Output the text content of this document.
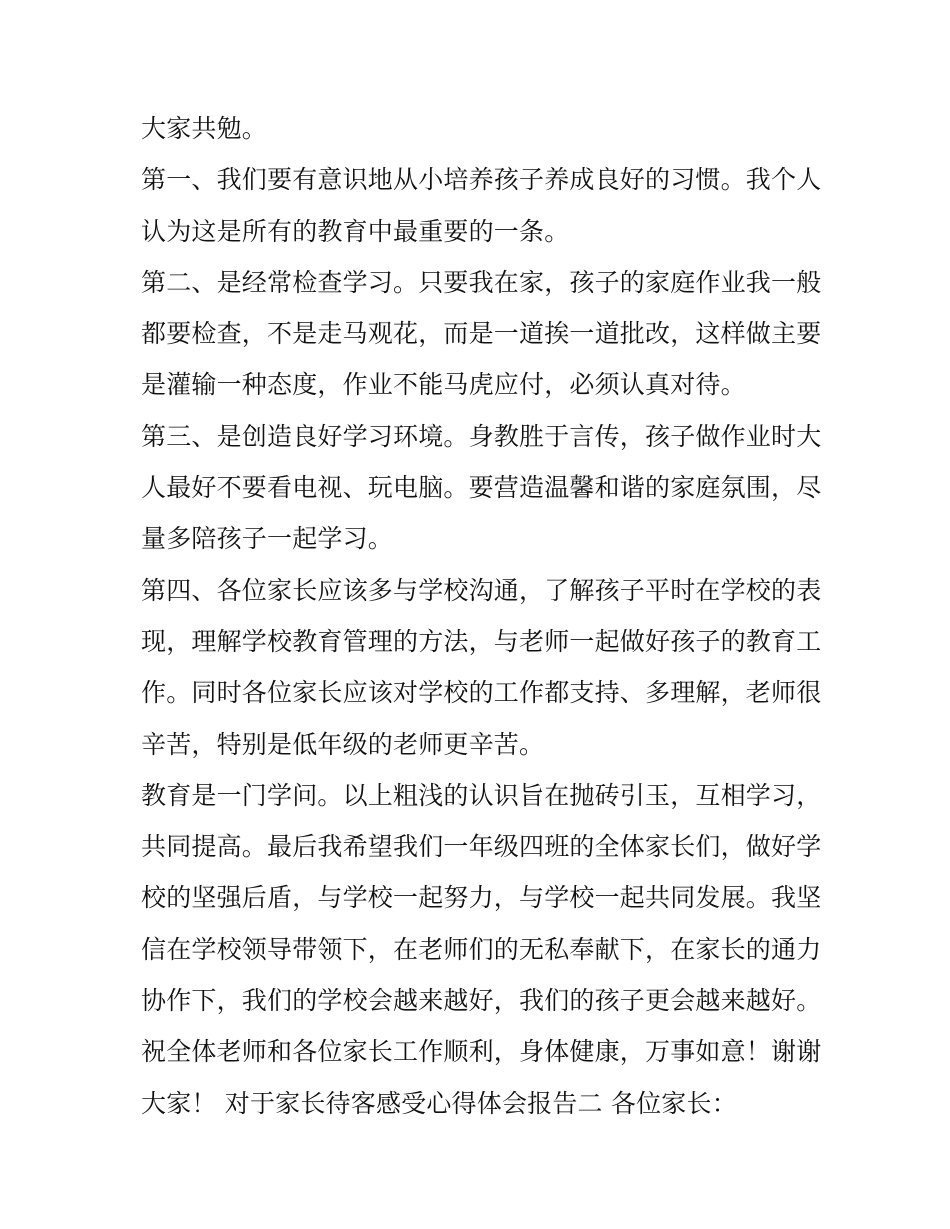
大家共勉。
第一、我们要有意识地从小培养孩子养成良好的习惯。我个人
认为这是所有的教育中最重要的一条。
第二、是经常检查学习。只要我在家，孩子的家庭作业我一般
都要检查，不是走马观花，而是一道挨一道批改，这样做主要
是灌输一种态度，作业不能马虎应付，必须认真对待。
第三、是创造良好学习环境。身教胜于言传，孩子做作业时大
人最好不要看电视、玩电脑。要营造温馨和谐的家庭氛围，尽
量多陪孩子一起学习。
第四、各位家长应该多与学校沟通，了解孩子平时在学校的表
现，理解学校教育管理的方法，与老师一起做好孩子的教育工
作。同时各位家长应该对学校的工作都支持、多理解，老师很
辛苦，特别是低年级的老师更辛苦。
教育是一门学问。以上粗浅的认识旨在抛砖引玉，互相学习，
共同提高。最后我希望我们一年级四班的全体家长们，做好学
校的坚强后盾，与学校一起努力，与学校一起共同发展。我坚
信在学校领导带领下，在老师们的无私奉献下，在家长的通力
协作下，我们的学校会越来越好，我们的孩子更会越来越好。
祝全体老师和各位家长工作顺利，身体健康，万事如意！谢谢
大家！ 对于家长待客感受心得体会报告二 各位家长：
